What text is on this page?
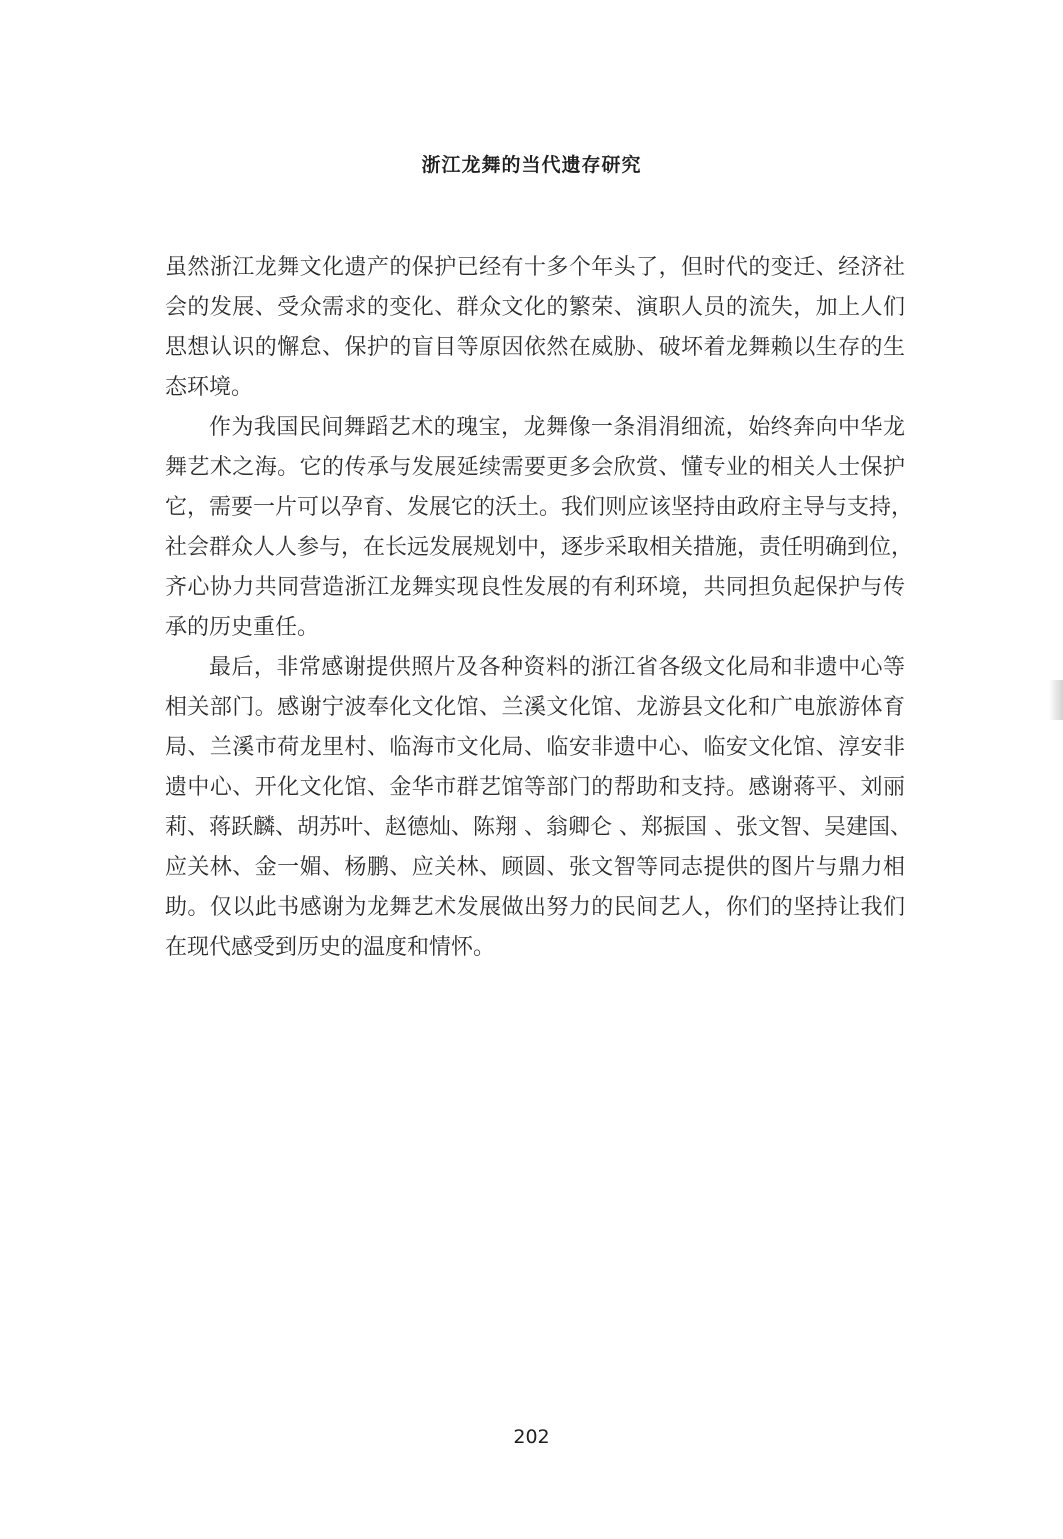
浙江龙舞的当代遗存研究
虽然浙江龙舞文化遗产的保护已经有十多个年头了，但时代的变迁、经济社
会的发展、受众需求的变化、群众文化的繁荣、演职人员的流失，加上人们
思想认识的懈怠、保护的盲目等原因依然在威胁、破坏着龙舞赖以生存的生
态环境。
作为我国民间舞蹈艺术的瑰宝，龙舞像一条涓涓细流，始终奔向中华龙
舞艺术之海。它的传承与发展延续需要更多会欣赏、懂专业的相关人士保护
它，需要一片可以孕育、发展它的沃土。我们则应该坚持由政府主导与支持，
社会群众人人参与，在长远发展规划中，逐步采取相关措施，责任明确到位，
齐心协力共同营造浙江龙舞实现良性发展的有利环境，共同担负起保护与传
承的历史重任。
最后，非常感谢提供照片及各种资料的浙江省各级文化局和非遗中心等
相关部门。感谢宁波奉化文化馆、兰溪文化馆、龙游县文化和广电旅游体育
局、兰溪市荷龙里村、临海市文化局、临安非遗中心、临安文化馆、淳安非
遗中心、开化文化馆、金华市群艺馆等部门的帮助和支持。感谢蒋平、刘丽
莉、蒋跃麟、胡苏叶、赵德灿、陈翔 、翁卿仑 、郑振国 、张文智、吴建国、
应关林、金一媚、杨鹏、应关林、顾圆、张文智等同志提供的图片与鼎力相
助。仅以此书感谢为龙舞艺术发展做出努力的民间艺人，你们的坚持让我们
在现代感受到历史的温度和情怀。
202
